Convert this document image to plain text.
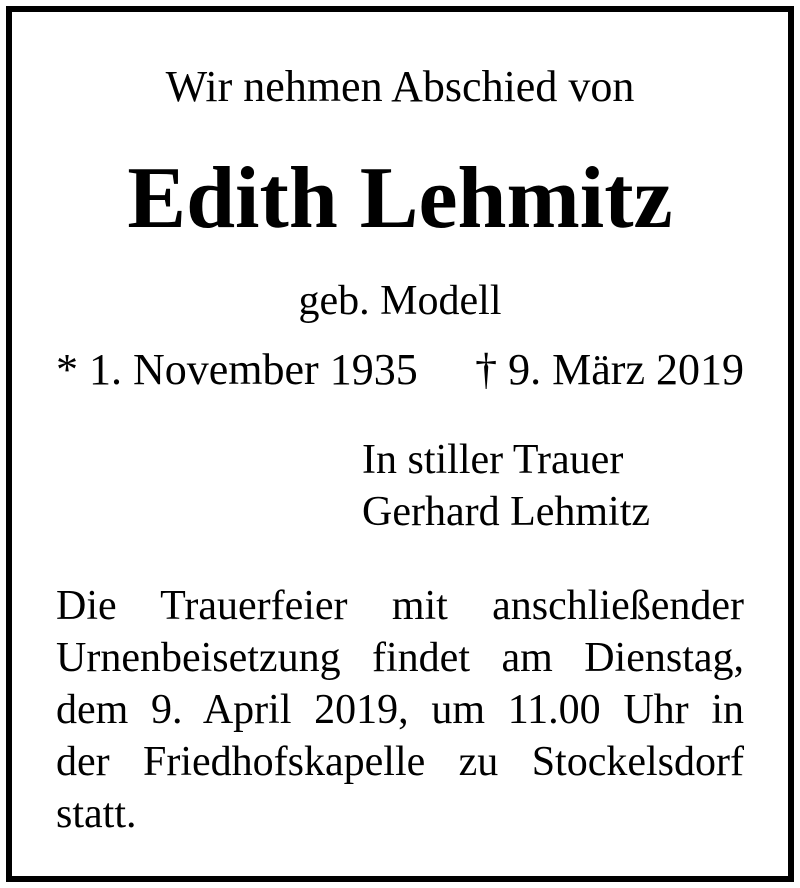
Wir nehmen Abschied von
Edith Lehmitz
geb. Modell
* 1. November 1935 † 9. März 2019
In stiller Trauer
Gerhard Lehmitz
Die Trauerfeier mit anschließender
Urnenbeisetzung findet am Dienstag,
dem 9. April 2019, um 11.00 Uhr in
der Friedhofskapelle zu Stockelsdorf
statt.
